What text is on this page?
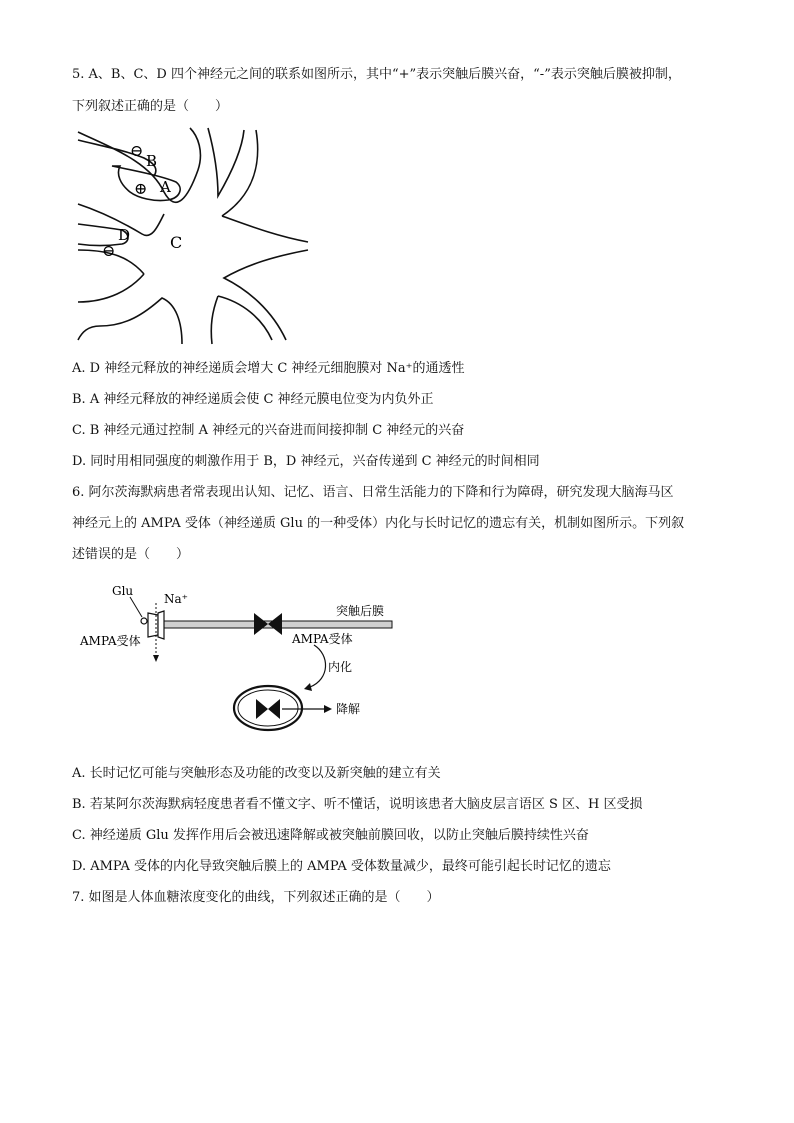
5. A、B、C、D 四个神经元之间的联系如图所示，其中“+”表示突触后膜兴奋，“-”表示突触后膜被抑制，
下列叙述正确的是（　　）
B
A
D C
⊖
⊕
⊖
A. D 神经元释放的神经递质会增大 C 神经元细胞膜对 Na⁺的通透性
B. A 神经元释放的神经递质会使 C 神经元膜电位变为内负外正
C. B 神经元通过控制 A 神经元的兴奋进而间接抑制 C 神经元的兴奋
D. 同时用相同强度的刺激作用于 B，D 神经元，兴奋传递到 C 神经元的时间相同
6. 阿尔茨海默病患者常表现出认知、记忆、语言、日常生活能力的下降和行为障碍，研究发现大脑海马区
神经元上的 AMPA 受体（神经递质 Glu 的一种受体）内化与长时记忆的遗忘有关，机制如图所示。下列叙
述错误的是（　　）
Glu
Na⁺
AMPA受体
突触后膜
AMPA受体
内化
降解
A. 长时记忆可能与突触形态及功能的改变以及新突触的建立有关
B. 若某阿尔茨海默病轻度患者看不懂文字、听不懂话，说明该患者大脑皮层言语区 S 区、H 区受损
C. 神经递质 Glu 发挥作用后会被迅速降解或被突触前膜回收，以防止突触后膜持续性兴奋
D. AMPA 受体的内化导致突触后膜上的 AMPA 受体数量减少，最终可能引起长时记忆的遗忘
7. 如图是人体血糖浓度变化的曲线，下列叙述正确的是（　　）
